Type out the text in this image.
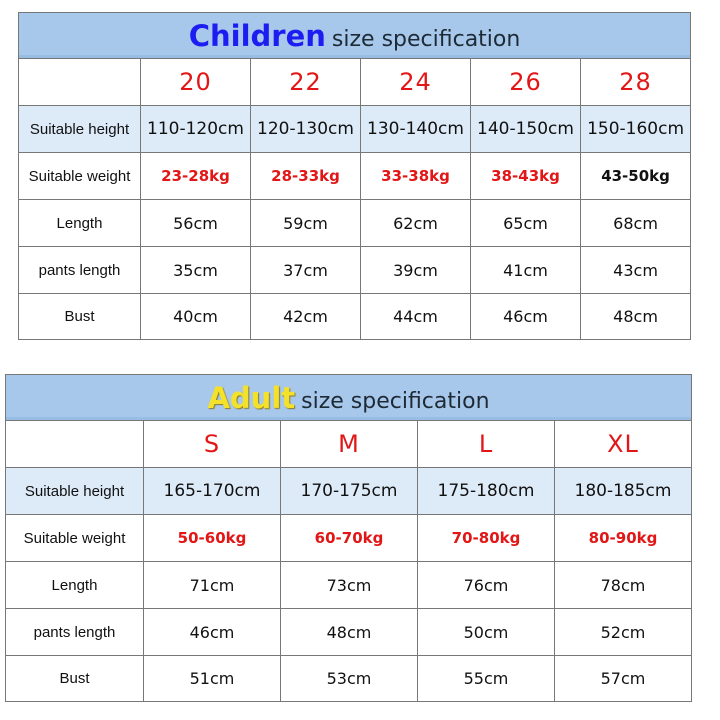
Children size specification					
	20	22	24	26	28
Suitable height	110-120cm	120-130cm	130-140cm	140-150cm	150-160cm
Suitable weight	23-28kg	28-33kg	33-38kg	38-43kg	43-50kg
Length	56cm	59cm	62cm	65cm	68cm
pants length	35cm	37cm	39cm	41cm	43cm
Bust	40cm	42cm	44cm	46cm	48cm
Adult size specification				
	S	M	L	XL
Suitable height	165-170cm	170-175cm	175-180cm	180-185cm
Suitable weight	50-60kg	60-70kg	70-80kg	80-90kg
Length	71cm	73cm	76cm	78cm
pants length	46cm	48cm	50cm	52cm
Bust	51cm	53cm	55cm	57cm
